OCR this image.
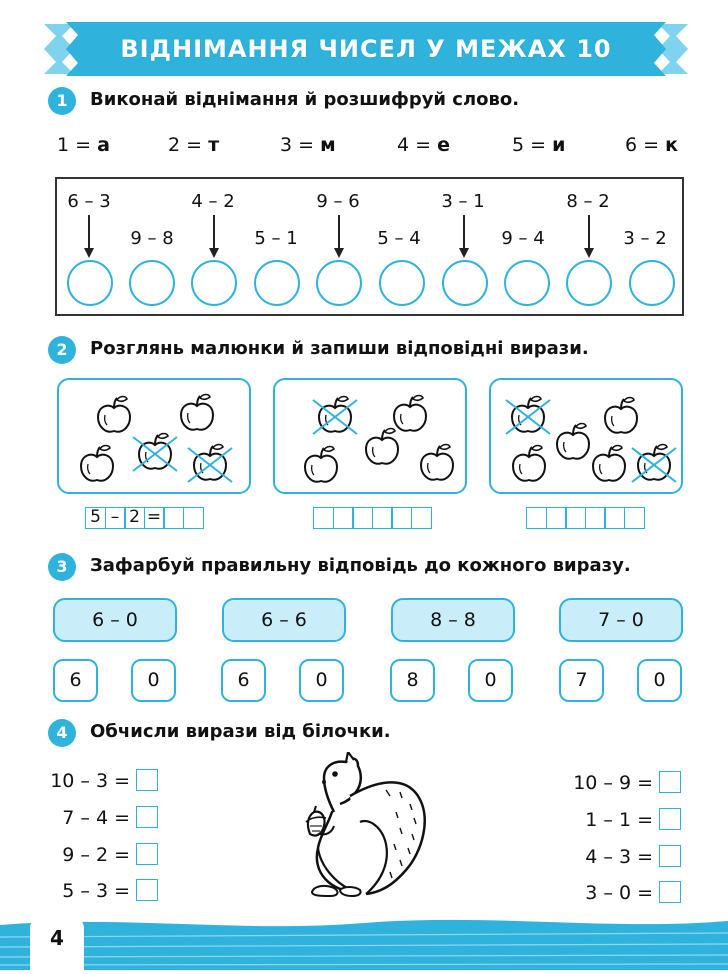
ВІДНІМАННЯ ЧИСЕЛ У МЕЖАХ 10
1	Виконай віднімання й розшифруй слово.
1 = а	2 = т	3 = м	4 = е	5 = и	6 = к
6 – 3	4 – 2	9 – 6	3 – 1	8 – 2
9 – 8	5 – 1	5 – 4	9 – 4	3 – 2
2	Розглянь малюнки й запиши відповідні вирази.
5 – 2 =
3	Зафарбуй правильну відповідь до кожного виразу.
6 – 0	6 – 6	8 – 8	7 – 0
6	0	6	0	8	0	7	0
4	Обчисли вирази від білочки.
10 – 3 =
7 – 4 =
9 – 2 =
5 – 3 =
10 – 9 =
1 – 1 =
4 – 3 =
3 – 0 =
4
